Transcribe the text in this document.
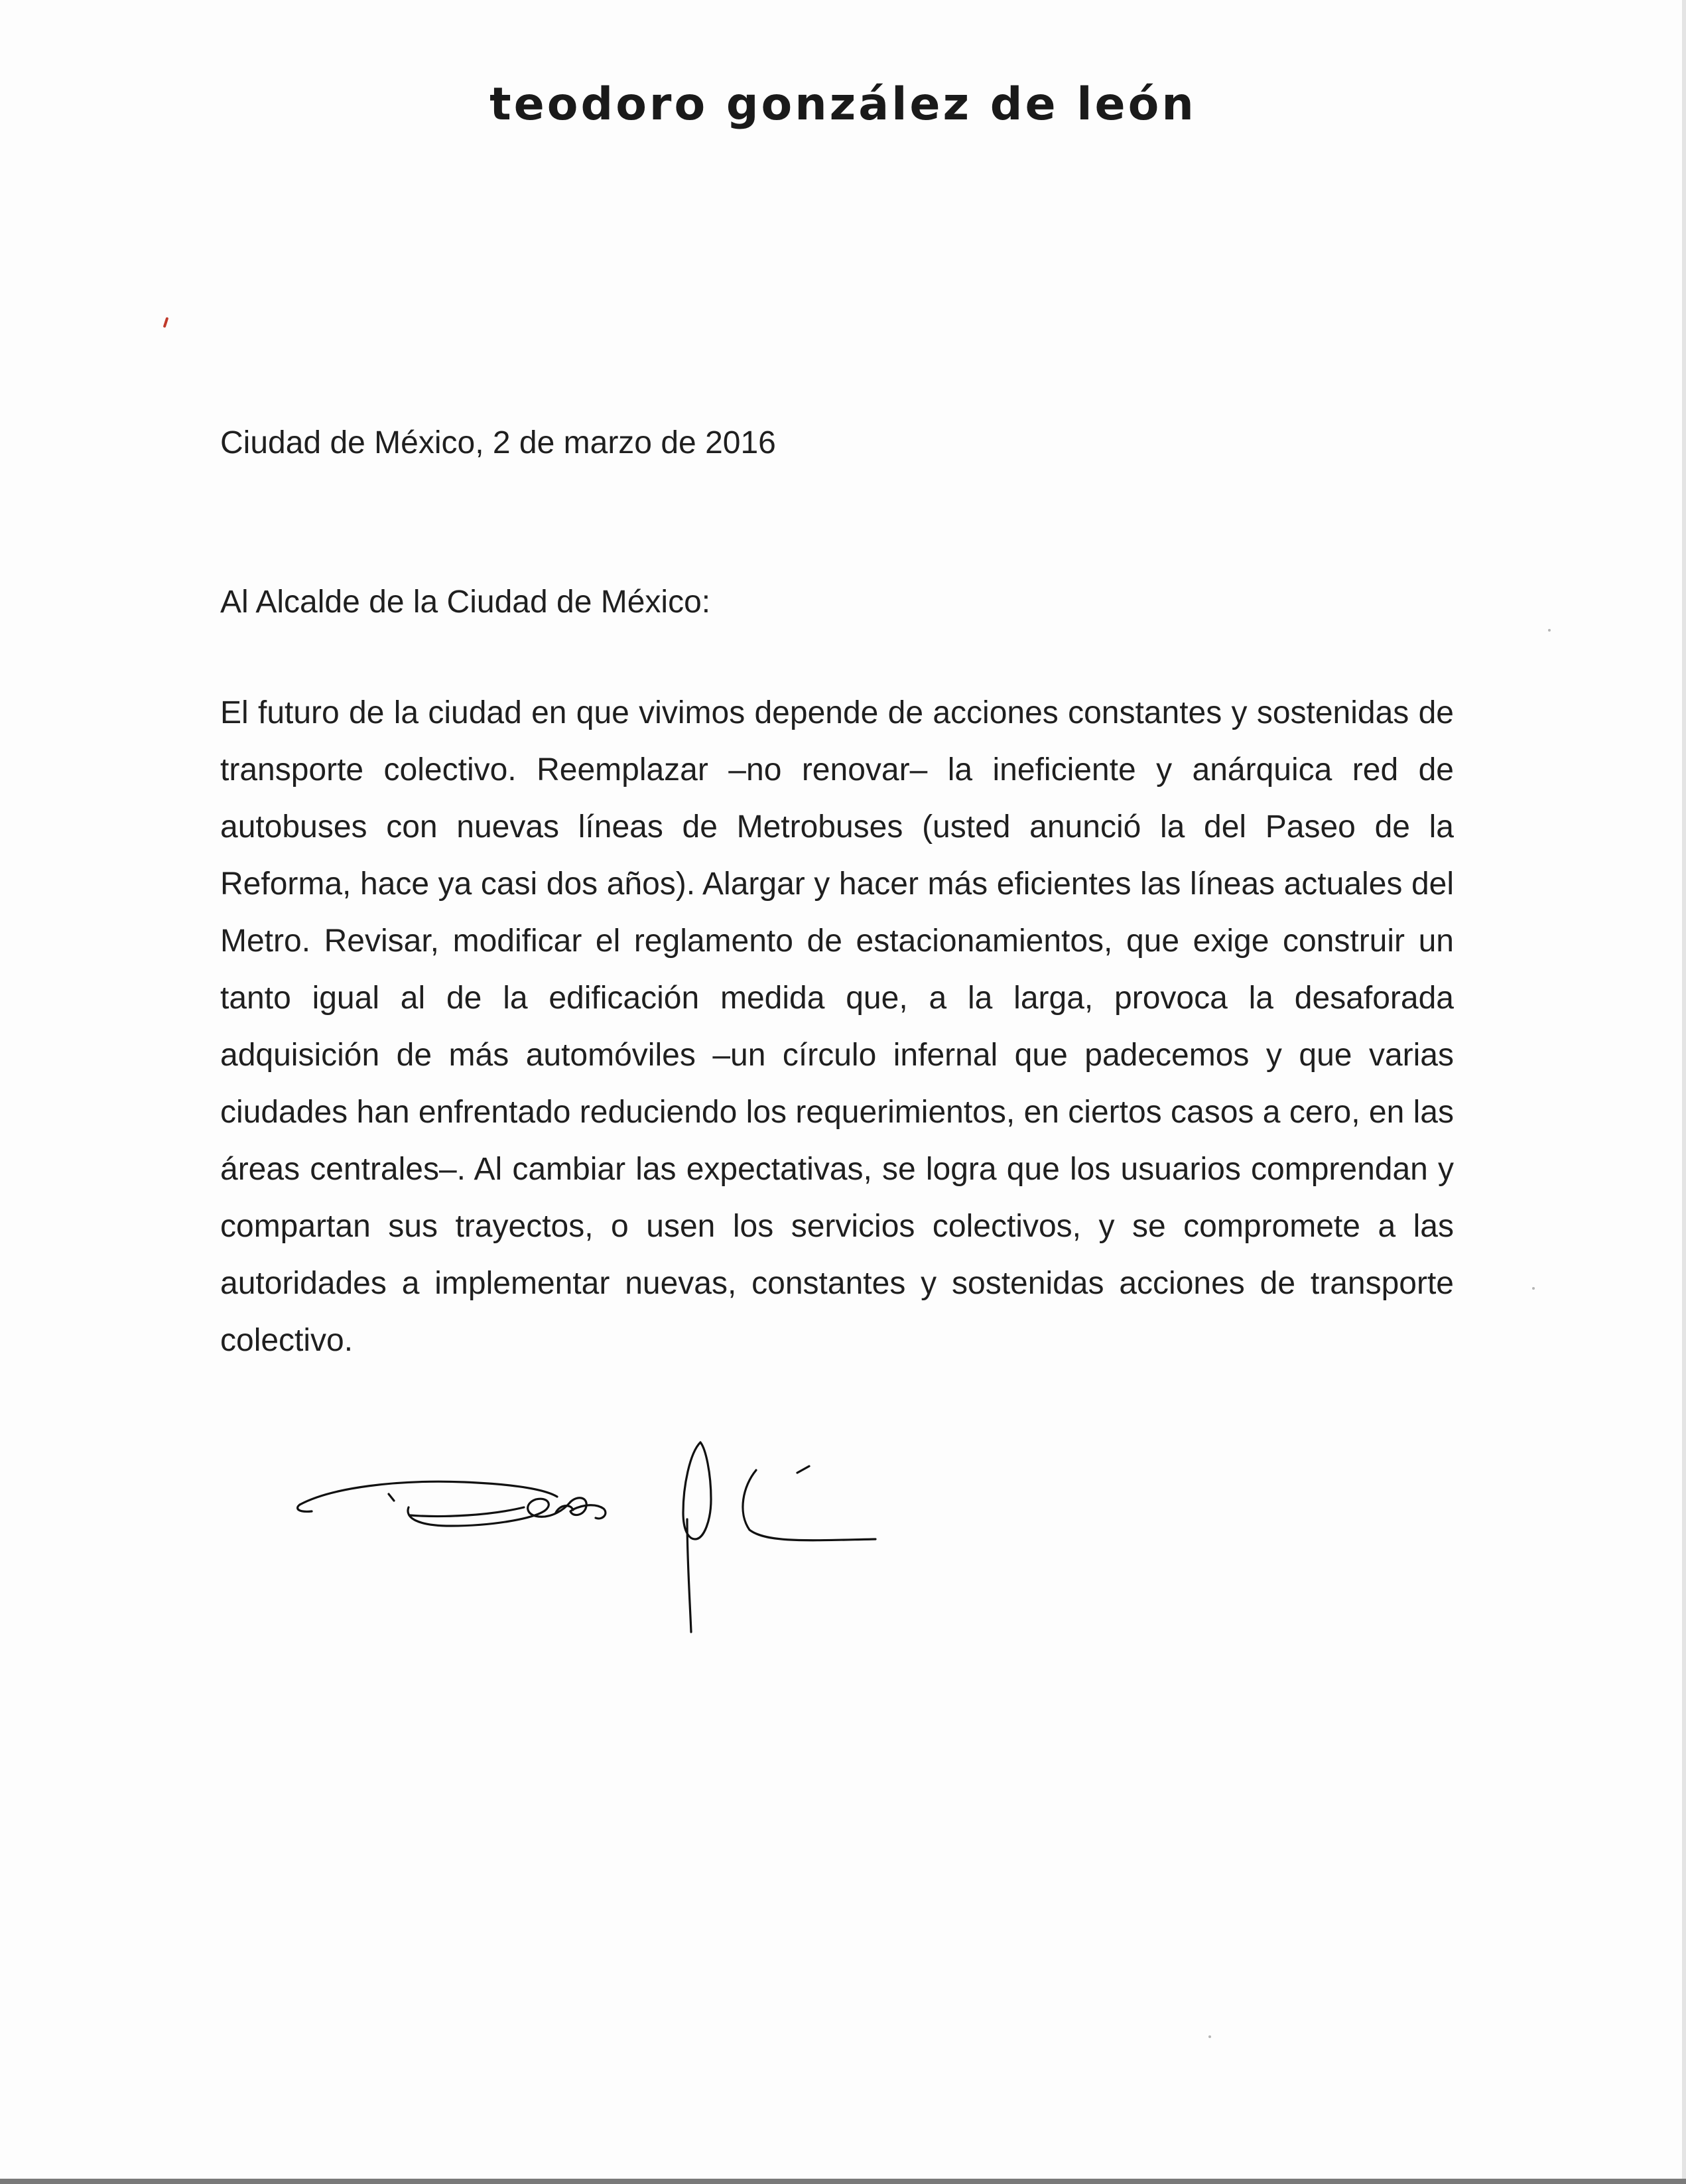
teodoro gonzález de león
Ciudad de México, 2 de marzo de 2016
Al Alcalde de la Ciudad de México:

El futuro de la ciudad en que vivimos depende de acciones constantes y sostenidas de transporte colectivo. Reemplazar –no renovar– la ineficiente y anárquica red de autobuses con nuevas líneas de Metrobuses (usted anunció la del Paseo de la Reforma, hace ya casi dos años). Alargar y hacer más eficientes las líneas actuales del Metro. Revisar, modificar el reglamento de estacionamientos, que exige construir un tanto igual al de la edificación medida que, a la larga, provoca la desaforada adquisición de más automóviles –un círculo infernal que padecemos y que varias ciudades han enfrentado reduciendo los requerimientos, en ciertos casos a cero, en las áreas centrales–. Al cambiar las expectativas, se logra que los usuarios comprendan y compartan sus trayectos, o usen los servicios colectivos, y se compromete a las autoridades a implementar nuevas, constantes y sostenidas acciones de transporte colectivo.
